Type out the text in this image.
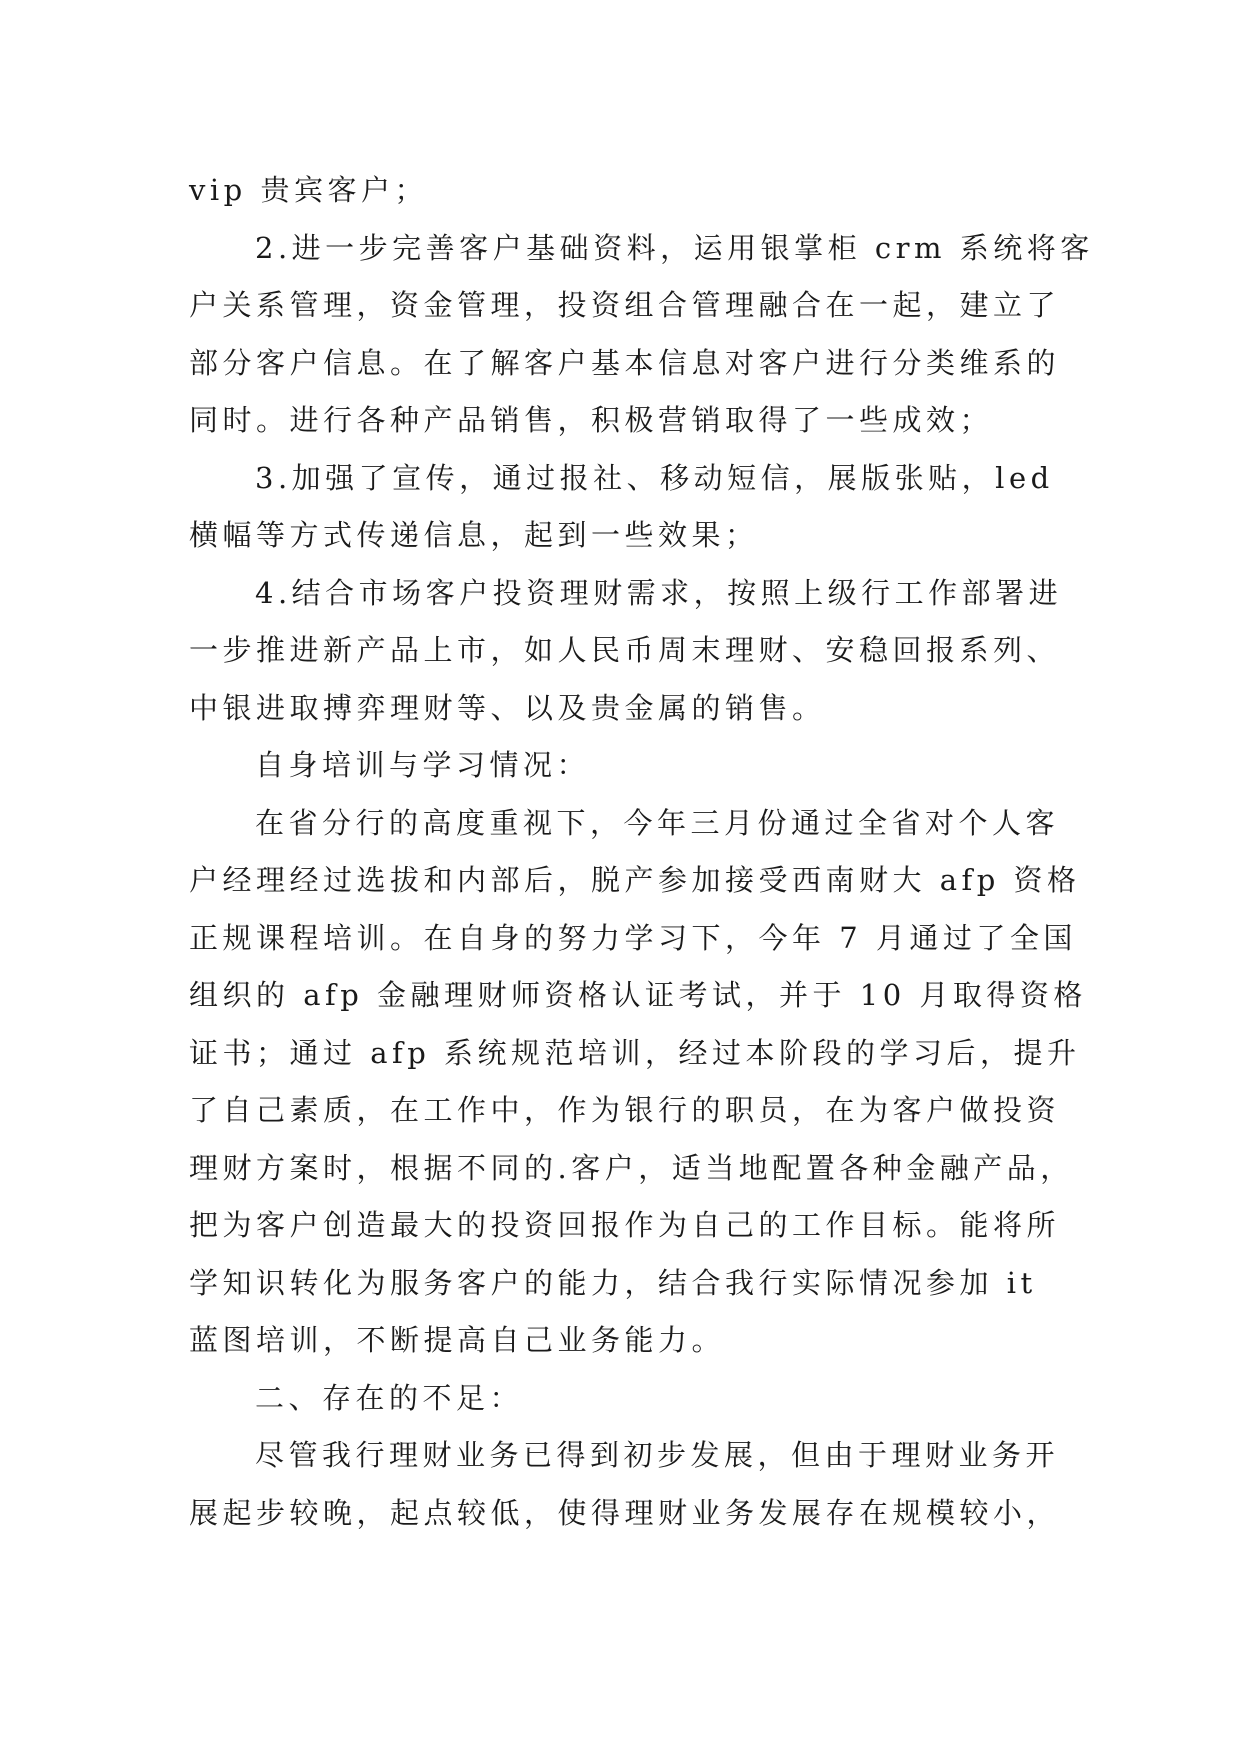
vip 贵宾客户；
2.进一步完善客户基础资料，运用银掌柜 crm 系统将客
户关系管理，资金管理，投资组合管理融合在一起，建立了
部分客户信息。在了解客户基本信息对客户进行分类维系的
同时。进行各种产品销售，积极营销取得了一些成效；
3.加强了宣传，通过报社、移动短信，展版张贴，led
横幅等方式传递信息，起到一些效果；
4.结合市场客户投资理财需求，按照上级行工作部署进
一步推进新产品上市，如人民币周末理财、安稳回报系列、
中银进取搏弈理财等、以及贵金属的销售。
自身培训与学习情况：
在省分行的高度重视下，今年三月份通过全省对个人客
户经理经过选拔和内部后，脱产参加接受西南财大 afp 资格
正规课程培训。在自身的努力学习下，今年 7 月通过了全国
组织的 afp 金融理财师资格认证考试，并于 10 月取得资格
证书；通过 afp 系统规范培训，经过本阶段的学习后，提升
了自己素质，在工作中，作为银行的职员，在为客户做投资
理财方案时，根据不同的.客户，适当地配置各种金融产品，
把为客户创造最大的投资回报作为自己的工作目标。能将所
学知识转化为服务客户的能力，结合我行实际情况参加 it
蓝图培训，不断提高自己业务能力。
二、存在的不足：
尽管我行理财业务已得到初步发展，但由于理财业务开
展起步较晚，起点较低，使得理财业务发展存在规模较小，
